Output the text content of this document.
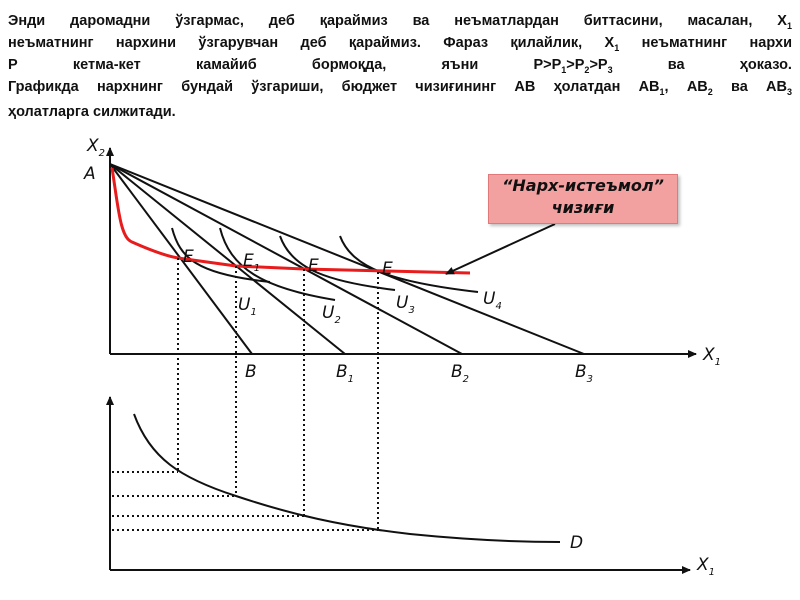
Энди даромадни ўзгармас, деб қараймиз ва неъматлардан биттасини, масалан, $Х_1$
неъматнинг нархини ўзгарувчан деб қараймиз. Фараз қилайлик, $Х_1$ неъматнинг нархи
Р	кетма-кет	камайиб	бормоқда,	яъни	$Р>Р_1>Р_2>Р_3$	ва	ҳоказо.
Графикда нархнинг бундай ўзгариши, бюджет чизиғининг АВ ҳолатдан $АВ_1$, $АВ_2$ ва $АВ_3$
ҳолатларга силжитади.
$X_2$
A
$X_1$
$X_1$
B	$B_1$	$B_2$	$B_3$
E	$E_1$	E	E
$U_1$	$U_2$
$U_3$
$U_4$
D
“Нарх-истеъмол”
чизиғи
